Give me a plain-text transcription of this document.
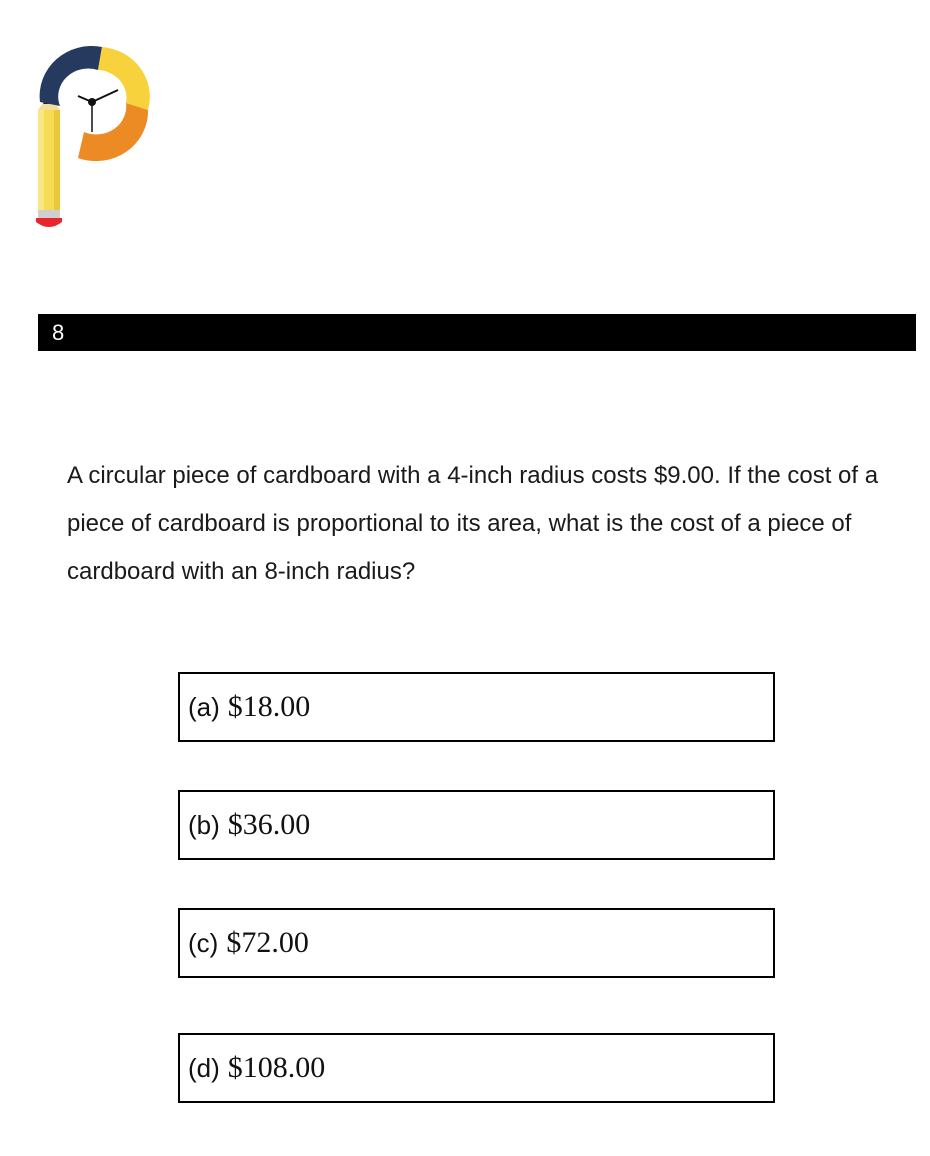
8
A circular piece of cardboard with a 4-inch radius costs $9.00. If the cost of a piece of cardboard is proportional to its area, what is the cost of a piece of cardboard with an 8-inch radius?
(a) $18.00
(b) $36.00
(c) $72.00
(d) $108.00
